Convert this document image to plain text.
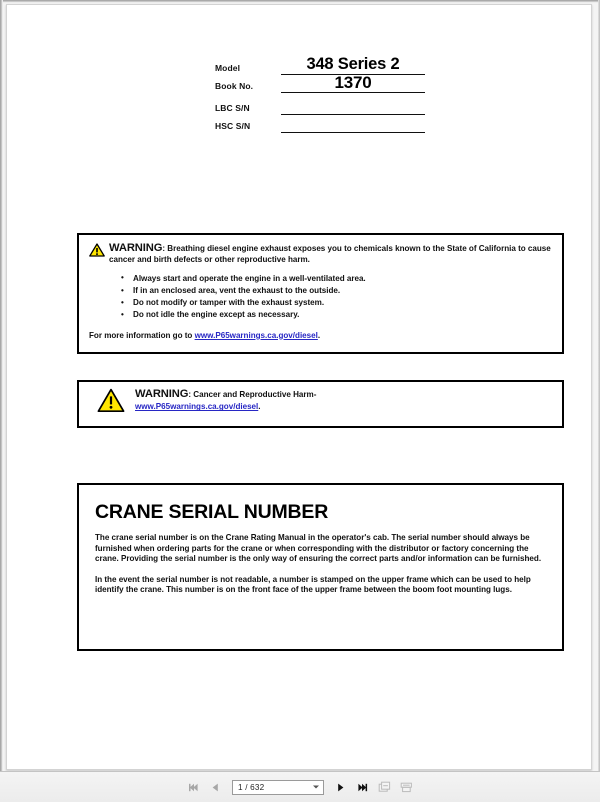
Model	348 Series 2
Book No.	1370
LBC S/N
HSC S/N
WARNING: Breathing diesel engine exhaust exposes you to chemicals known to the State of California to cause cancer and birth defects or other reproductive harm.
• Always start and operate the engine in a well-ventilated area.
• If in an enclosed area, vent the exhaust to the outside.
• Do not modify or tamper with the exhaust system.
• Do not idle the engine except as necessary.
For more information go to www.P65warnings.ca.gov/diesel.
WARNING: Cancer and Reproductive Harm-
www.P65warnings.ca.gov/diesel.
CRANE SERIAL NUMBER

The crane serial number is on the Crane Rating Manual in the operator's cab. The serial number should always be furnished when ordering parts for the crane or when corresponding with the distributor or factory concerning the crane. Providing the serial number is the only way of ensuring the correct parts and/or information can be furnished.

In the event the serial number is not readable, a number is stamped on the upper frame which can be used to help identify the crane. This number is on the front face of the upper frame between the boom foot mounting lugs.

1 / 632
